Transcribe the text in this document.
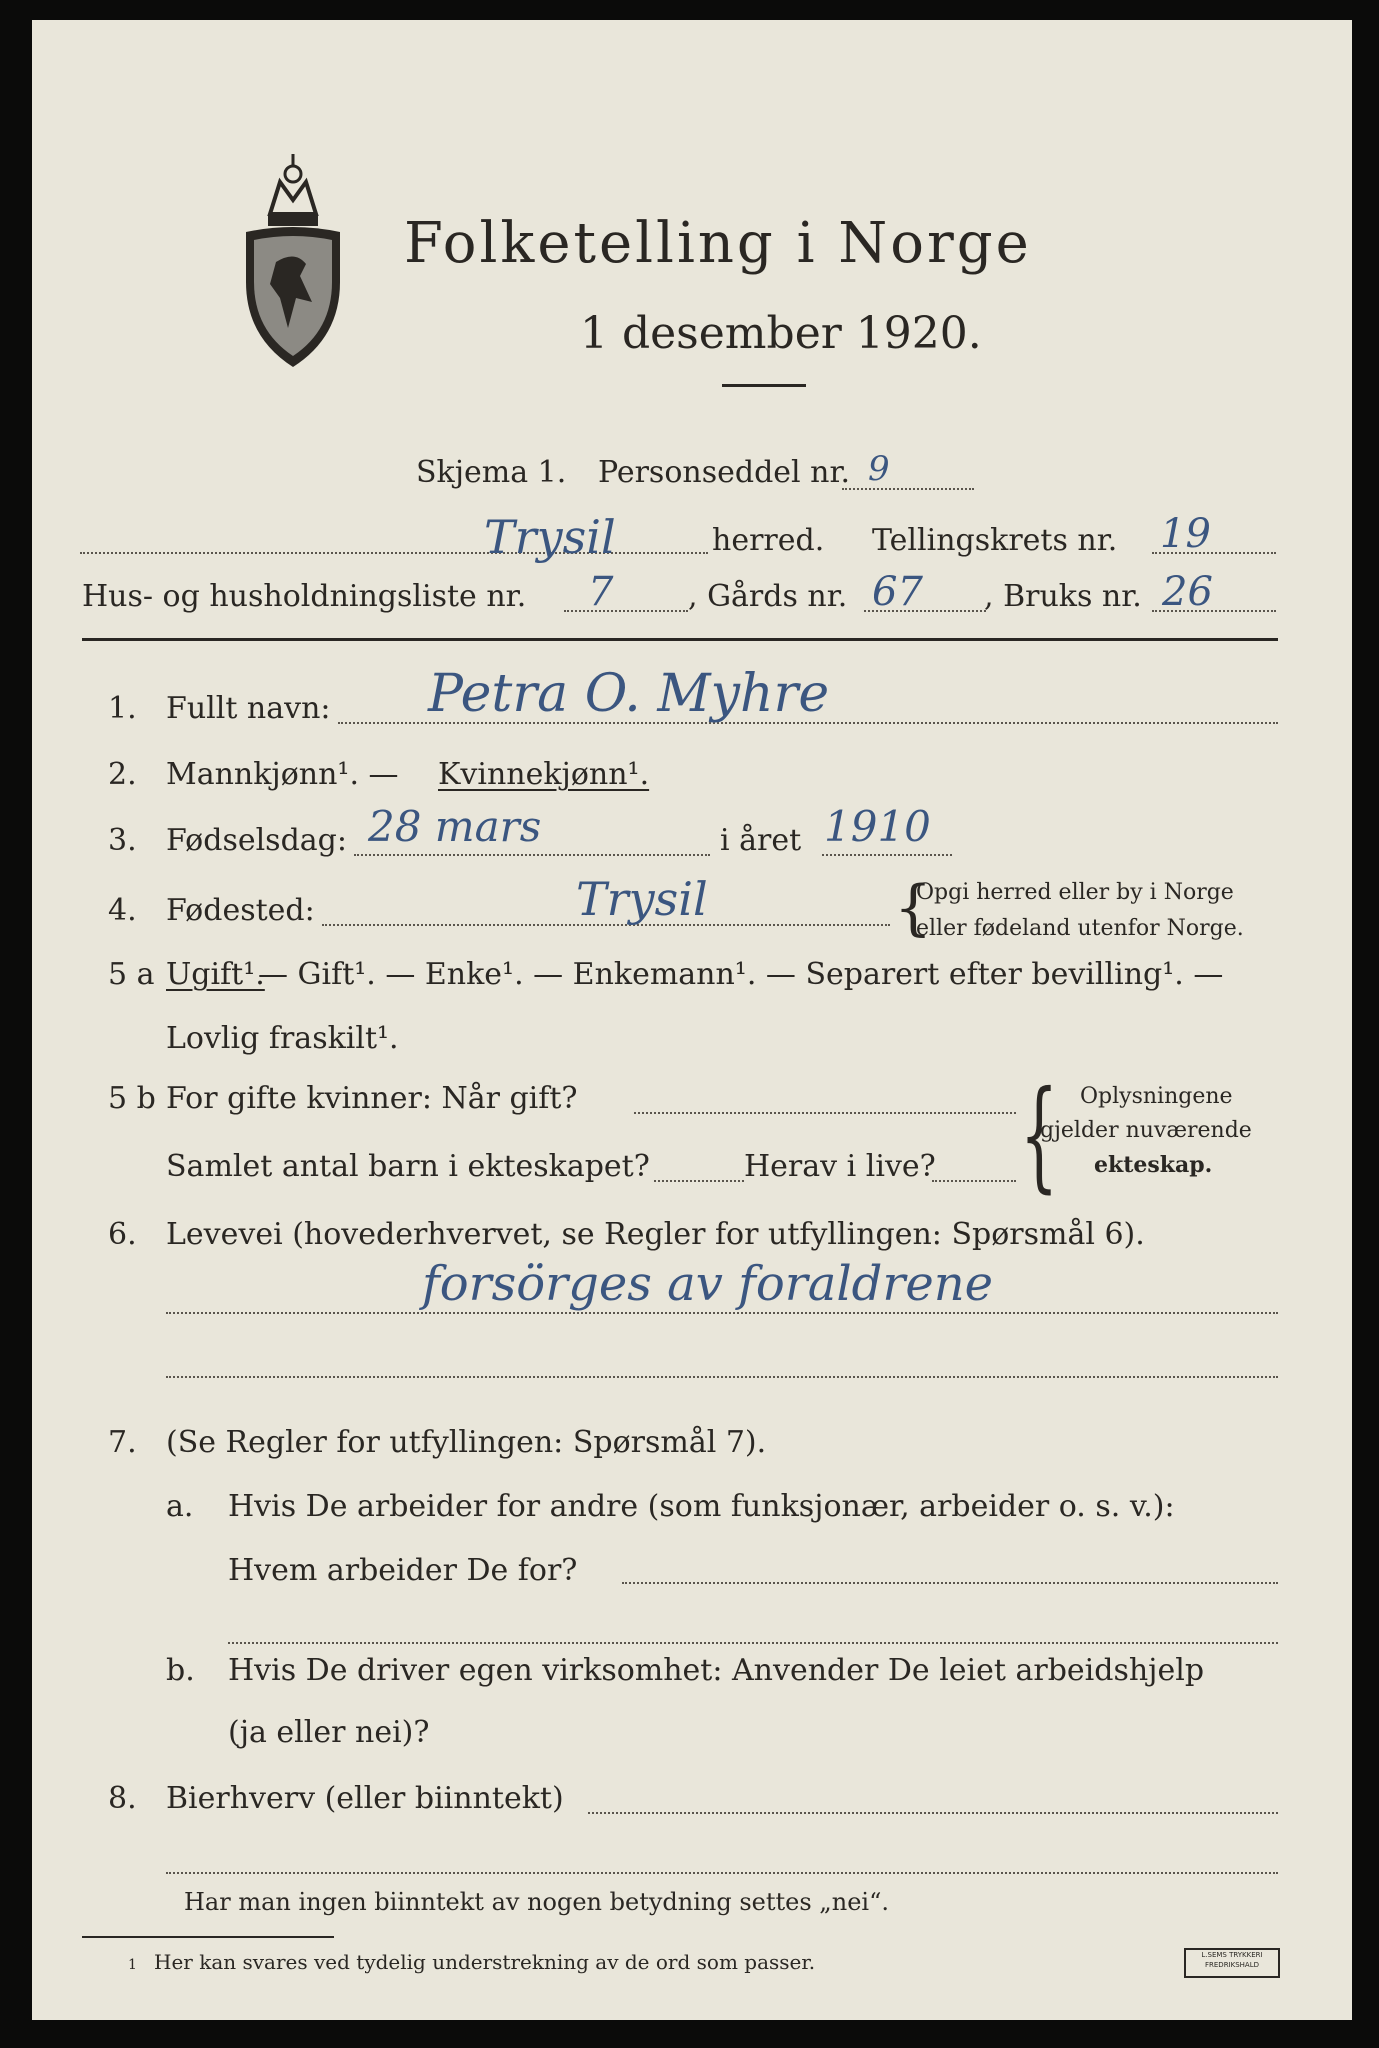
Folketelling i Norge
1 desember 1920.
Skjema 1. Personseddel nr. 9
Trysil	herred. Tellingskrets nr. 19
Hus- og husholdningsliste nr. 7 , Gårds nr. 67 , Bruks nr. 26
1. Fullt navn: Petra O. Myhre
2. Mannkjønn¹. — Kvinnekjønn¹.
3. Fødselsdag: 28 mars	i året 1910
4. Fødested:	Trysil	{
Opgi herred eller by i Norge
eller fødeland utenfor Norge.
5 a Ugift¹.
— Gift¹. — Enke¹. — Enkemann¹. — Separert efter bevilling¹. —
Lovlig fraskilt¹.
5 b For gifte kvinner: Når gift?
Samlet antal barn i ekteskapet?	Herav i live? { Oplysningene
gjelder nuværende
ekteskap.
6. Levevei (hovederhvervet, se Regler for utfyllingen: Spørsmål 6).
forsörges av foraldrene
7. (Se Regler for utfyllingen: Spørsmål 7).
a. Hvis De arbeider for andre (som funksjonær, arbeider o. s. v.):
Hvem arbeider De for?
b. Hvis De driver egen virksomhet: Anvender De leiet arbeidshjelp
(ja eller nei)?
8. Bierhverv (eller biinntekt)
Har man ingen biinntekt av nogen betydning settes „nei“.
1 Her kan svares ved tydelig understrekning av de ord som passer.	L.SEMS TRYKKERI
FREDRIKSHALD
